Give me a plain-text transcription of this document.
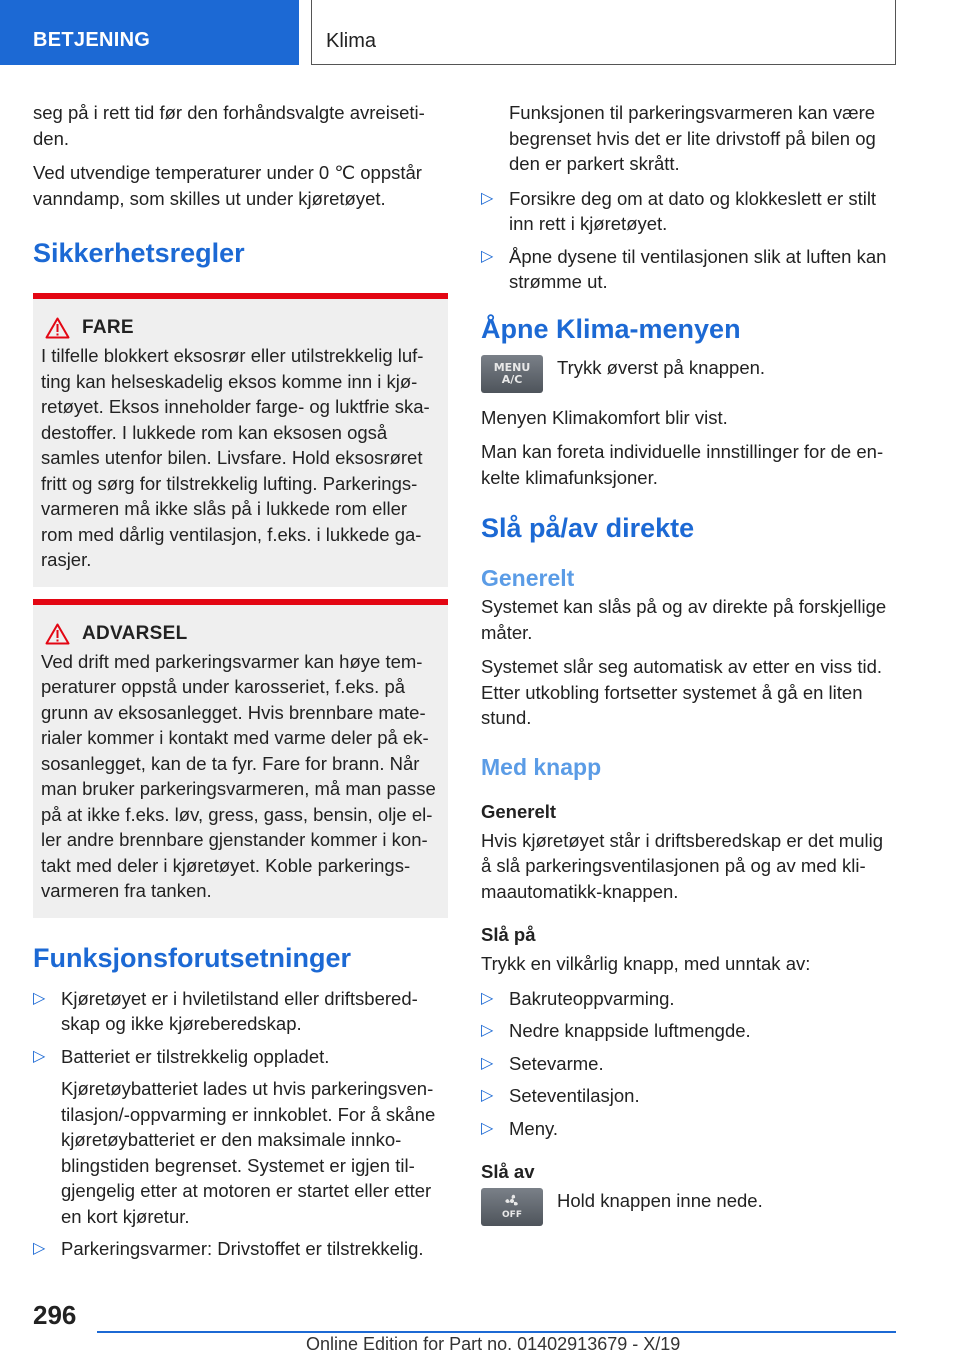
BETJENING	Klima

seg på i rett tid før den forhåndsvalgte avreisetiden.

Ved utvendige temperaturer under 0 ℃ oppstår vanndamp, som skilles ut under kjøretøyet.

Sikkerhetsregler
FARE

I tilfelle blokkert eksosrør eller utilstrekkelig lufting kan helseskadelig eksos komme inn i kjøretøyet. Eksos inneholder farge- og luktfrie skadestoffer. I lukkede rom kan eksosen også samles utenfor bilen. Livsfare. Hold eksosrøret fritt og sørg for tilstrekkelig lufting. Parkeringsvarmeren må ikke slås på i lukkede rom eller rom med dårlig ventilasjon, f.eks. i lukkede garasjer.

ADVARSEL

Ved drift med parkeringsvarmer kan høye temperaturer oppstå under karosseriet, f.eks. på grunn av eksosanlegget. Hvis brennbare materialer kommer i kontakt med varme deler på eksosanlegget, kan de ta fyr. Fare for brann. Når man bruker parkeringsvarmeren, må man passe på at ikke f.eks. løv, gress, gass, bensin, olje eller andre brennbare gjenstander kommer i kontakt med deler i kjøretøyet. Koble parkeringsvarmeren fra tanken.

Funksjonsforutsetninger
▷ Kjøretøyet er i hviletilstand eller driftsberedskap og ikke kjøreberedskap.

▷ Batteriet er tilstrekkelig oppladet.

Kjøretøybatteriet lades ut hvis parkeringsventilasjon/-oppvarming er innkoblet. For å skåne kjøretøybatteriet er den maksimale innkoblingstiden begrenset. Systemet er igjen tilgjengelig etter at motoren er startet eller etter en kort kjøretur.

▷ Parkeringsvarmer: Drivstoffet er tilstrekkelig.

Funksjonen til parkeringsvarmeren kan være begrenset hvis det er lite drivstoff på bilen og den er parkert skrått.

▷ Forsikre deg om at dato og klokkeslett er stilt inn rett i kjøretøyet.

▷ Åpne dysene til ventilasjonen slik at luften kan strømme ut.

Åpne Klima-menyen
MENU
A/C

Trykk øverst på knappen.

Menyen Klimakomfort blir vist.

Man kan foreta individuelle innstillinger for de enkelte klimafunksjoner.

Slå på/av direkte
Generelt

Systemet kan slås på og av direkte på forskjellige måter.

Systemet slår seg automatisk av etter en viss tid. Etter utkobling fortsetter systemet å gå en liten stund.

Med knapp
Generelt

Hvis kjøretøyet står i driftsberedskap er det mulig å slå parkeringsventilasjonen på og av med klimaautomatikk-knappen.

Slå på

Trykk en vilkårlig knapp, med unntak av:

▷ Bakruteoppvarming.

▷ Nedre knappside luftmengde.

▷ Setevarme.

▷ Seteventilasjon.

▷ Meny.

Slå av
OFF

Hold knappen inne nede.

296
Online Edition for Part no. 01402913679 - X/19
